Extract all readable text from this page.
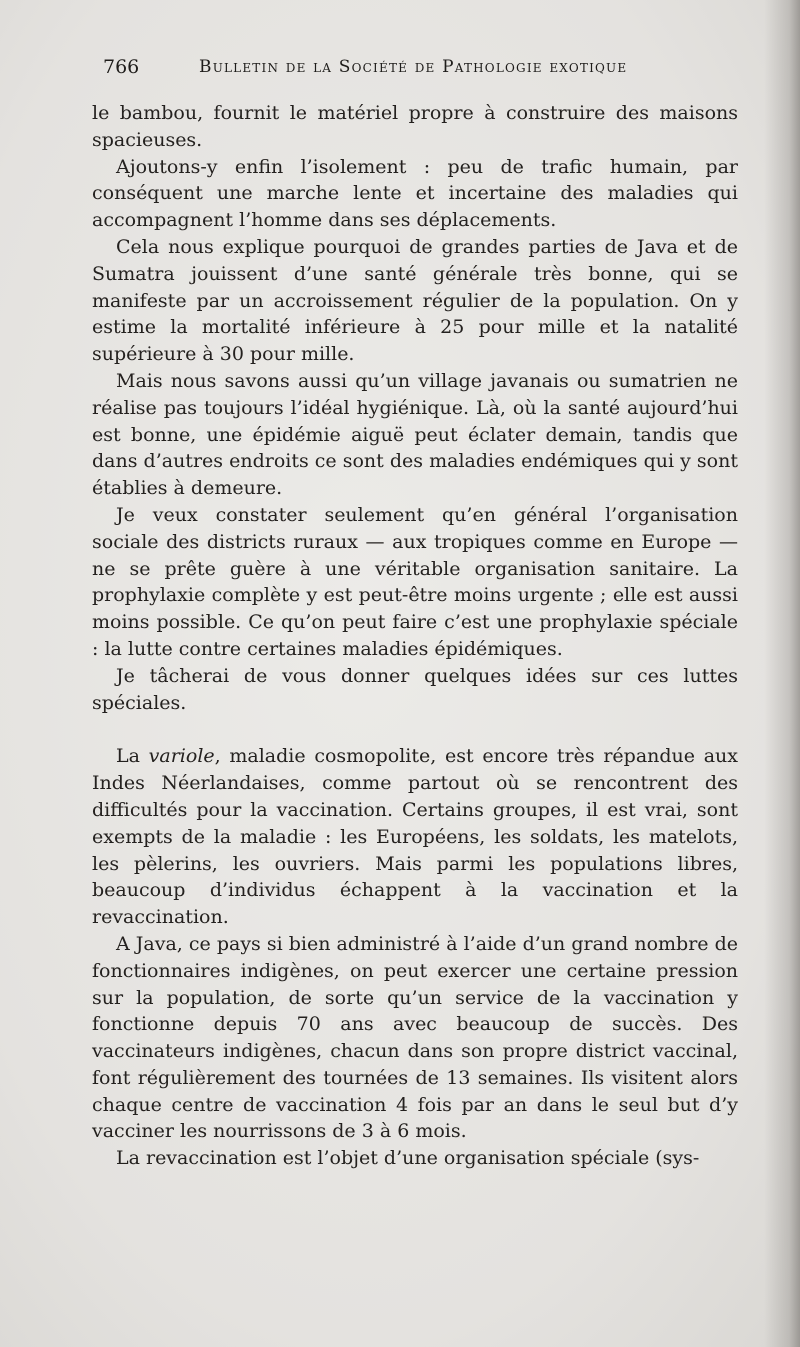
766	Bulletin de la Société de Pathologie exotique

le bambou, fournit le matériel propre à construire des maisons spacieuses.

Ajoutons-y enfin l’isolement : peu de trafic humain, par conséquent une marche lente et incertaine des maladies qui accompagnent l’homme dans ses déplacements.

Cela nous explique pourquoi de grandes parties de Java et de Sumatra jouissent d’une santé générale très bonne, qui se manifeste par un accroissement régulier de la population. On y estime la mortalité inférieure à 25 pour mille et la natalité supérieure à 30 pour mille.

Mais nous savons aussi qu’un village javanais ou sumatrien ne réalise pas toujours l’idéal hygiénique. Là, où la santé aujourd’hui est bonne, une épidémie aiguë peut éclater demain, tandis que dans d’autres endroits ce sont des maladies endémiques qui y sont établies à demeure.

Je veux constater seulement qu’en général l’organisation sociale des districts ruraux — aux tropiques comme en Europe — ne se prête guère à une véritable organisation sanitaire. La prophylaxie complète y est peut-être moins urgente ; elle est aussi moins possible. Ce qu’on peut faire c’est une prophylaxie spéciale : la lutte contre certaines maladies épidémiques.

Je tâcherai de vous donner quelques idées sur ces luttes spéciales.

La variole, maladie cosmopolite, est encore très répandue aux Indes Néerlandaises, comme partout où se rencontrent des difficultés pour la vaccination. Certains groupes, il est vrai, sont exempts de la maladie : les Européens, les soldats, les matelots, les pèlerins, les ouvriers. Mais parmi les populations libres, beaucoup d’individus échappent à la vaccination et la revaccination.

A Java, ce pays si bien administré à l’aide d’un grand nombre de fonctionnaires indigènes, on peut exercer une certaine pression sur la population, de sorte qu’un service de la vaccination y fonctionne depuis 70 ans avec beaucoup de succès. Des vaccinateurs indigènes, chacun dans son propre district vaccinal, font régulièrement des tournées de 13 semaines. Ils visitent alors chaque centre de vaccination 4 fois par an dans le seul but d’y vacciner les nourrissons de 3 à 6 mois.

La revaccination est l’objet d’une organisation spéciale (sys-
